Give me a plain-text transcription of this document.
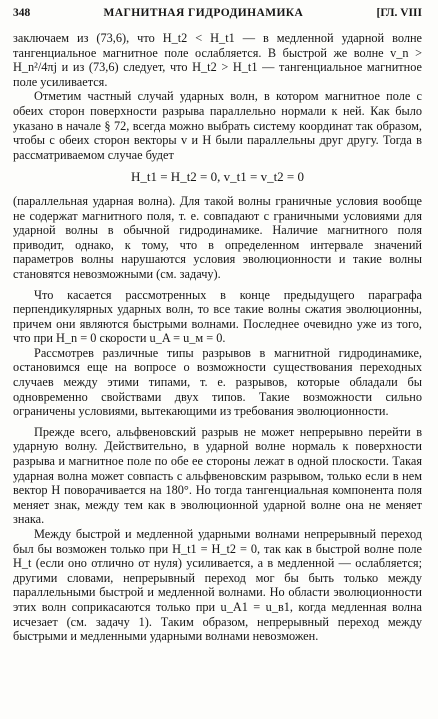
348	МАГНИТНАЯ ГИДРОДИНАМИКА	[ГЛ. VIII

заключаем из (73,6), что H_t2 < H_t1 — в медленной ударной волне тангенциальное магнитное поле ослабляется. В быстрой же волне v_n > H_n²/4πj и из (73,6) следует, что H_t2 > H_t1 — тангенциальное магнитное поле усиливается.

Отметим частный случай ударных волн, в котором магнитное поле с обеих сторон поверхности разрыва параллельно нормали к ней. Как было указано в начале § 72, всегда можно выбрать систему координат так образом, чтобы с обеих сторон векторы v и H были параллельны друг другу. Тогда в рассматриваемом случае будет

H_t1 = H_t2 = 0, v_t1 = v_t2 = 0

(параллельная ударная волна). Для такой волны граничные условия вообще не содержат магнитного поля, т. е. совпадают с граничными условиями для ударной волны в обычной гидродинамике. Наличие магнитного поля приводит, однако, к тому, что в определенном интервале значений параметров волны нарушаются условия эволюционности и такие волны становятся невозможными (см. задачу).

Что касается рассмотренных в конце предыдущего параграфа перпендикулярных ударных волн, то все такие волны сжатия эволюционны, причем они являются быстрыми волнами. Последнее очевидно уже из того, что при H_n = 0 скорости u_A = u_м = 0.

Рассмотрев различные типы разрывов в магнитной гидродинамике, остановимся еще на вопросе о возможности существования переходных случаев между этими типами, т. е. разрывов, которые обладали бы одновременно свойствами двух типов. Такие возможности сильно ограничены условиями, вытекающими из требования эволюционности.

Прежде всего, альфвеновский разрыв не может непрерывно перейти в ударную волну. Действительно, в ударной волне нормаль к поверхности разрыва и магнитное поле по обе ее стороны лежат в одной плоскости. Такая ударная волна может совпасть с альфвеновским разрывом, только если в нем вектор H поворачивается на 180°. Но тогда тангенциальная компонента поля меняет знак, между тем как в эволюционной ударной волне она не меняет знака.

Между быстрой и медленной ударными волнами непрерывный переход был бы возможен только при H_t1 = H_t2 = 0, так как в быстрой волне поле H_t (если оно отлично от нуля) усиливается, а в медленной — ослабляется; другими словами, непрерывный переход мог бы быть только между параллельными быстрой и медленной волнами. Но области эволюционности этих волн соприкасаются только при u_A1 = u_в1, когда медленная волна исчезает (см. задачу 1). Таким образом, непрерывный переход между быстрыми и медленными ударными волнами невозможен.
